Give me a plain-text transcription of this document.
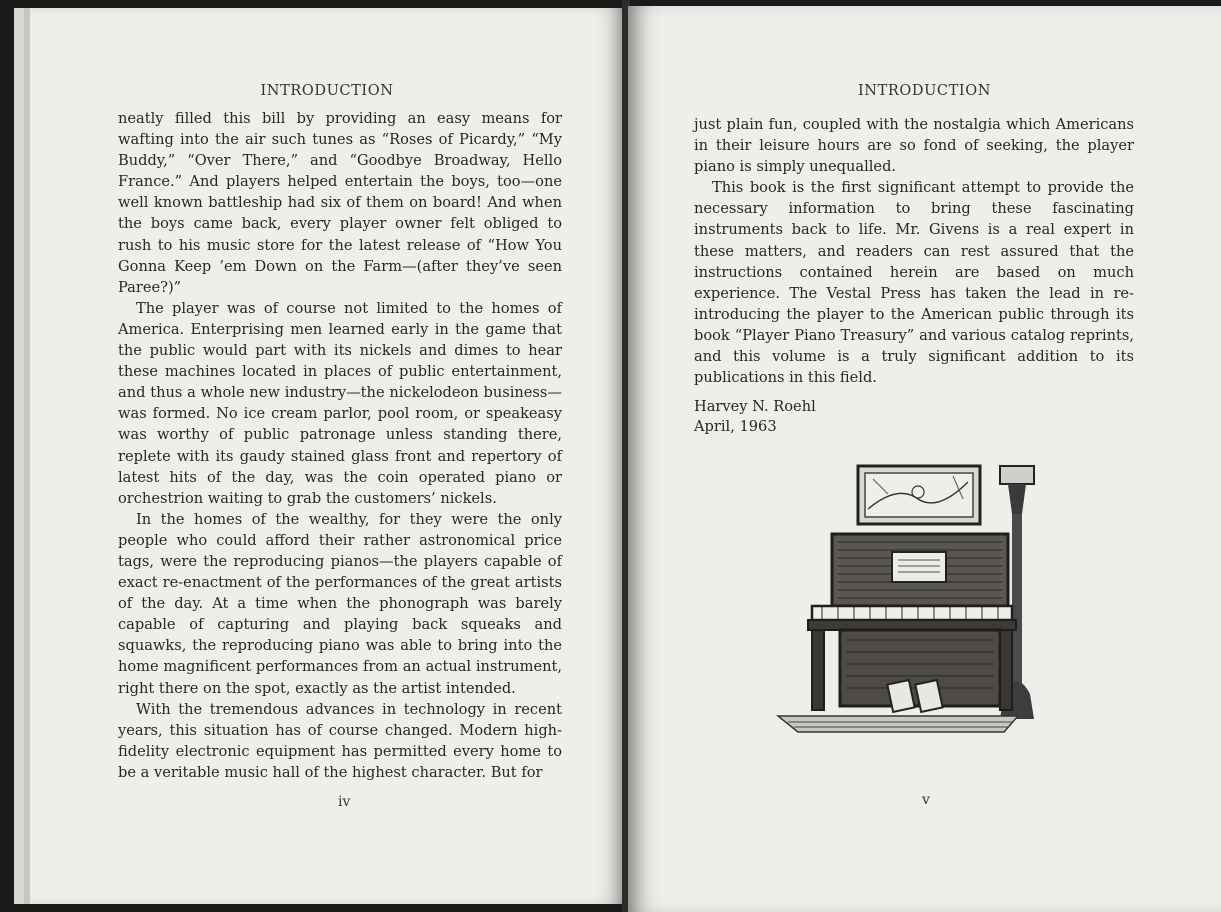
INTRODUCTION

neatly filled this bill by providing an easy means for wafting into the air such tunes as “Roses of Picardy,” “My Buddy,” “Over There,” and “Goodbye Broadway, Hello France.” And players helped entertain the boys, too—one well known battleship had six of them on board! And when the boys came back, every player owner felt obliged to rush to his music store for the latest release of “How You Gonna Keep ’em Down on the Farm—(after they’ve seen Paree?)”

The player was of course not limited to the homes of America. Enterprising men learned early in the game that the public would part with its nickels and dimes to hear these machines located in places of public entertainment, and thus a whole new industry—the nickelodeon business—was formed. No ice cream parlor, pool room, or speakeasy was worthy of public patronage unless standing there, replete with its gaudy stained glass front and repertory of latest hits of the day, was the coin operated piano or orchestrion waiting to grab the customers’ nickels.

In the homes of the wealthy, for they were the only people who could afford their rather astronomical price tags, were the reproducing pianos—the players capable of exact re-enactment of the performances of the great artists of the day. At a time when the phonograph was barely capable of capturing and playing back squeaks and squawks, the reproducing piano was able to bring into the home magnificent performances from an actual instrument, right there on the spot, exactly as the artist intended.

With the tremendous advances in technology in recent years, this situation has of course changed. Modern high-fidelity electronic equipment has permitted every home to be a veritable music hall of the highest character. But for

iv
INTRODUCTION

just plain fun, coupled with the nostalgia which Americans in their leisure hours are so fond of seeking, the player piano is simply unequalled.

This book is the first significant attempt to provide the necessary information to bring these fascinating instruments back to life. Mr. Givens is a real expert in these matters, and readers can rest assured that the instructions contained herein are based on much experience. The Vestal Press has taken the lead in re-introducing the player to the American public through its book “Player Piano Treasury” and various catalog reprints, and this volume is a truly significant addition to its publications in this field.

Harvey N. Roehl
April, 1963
v
